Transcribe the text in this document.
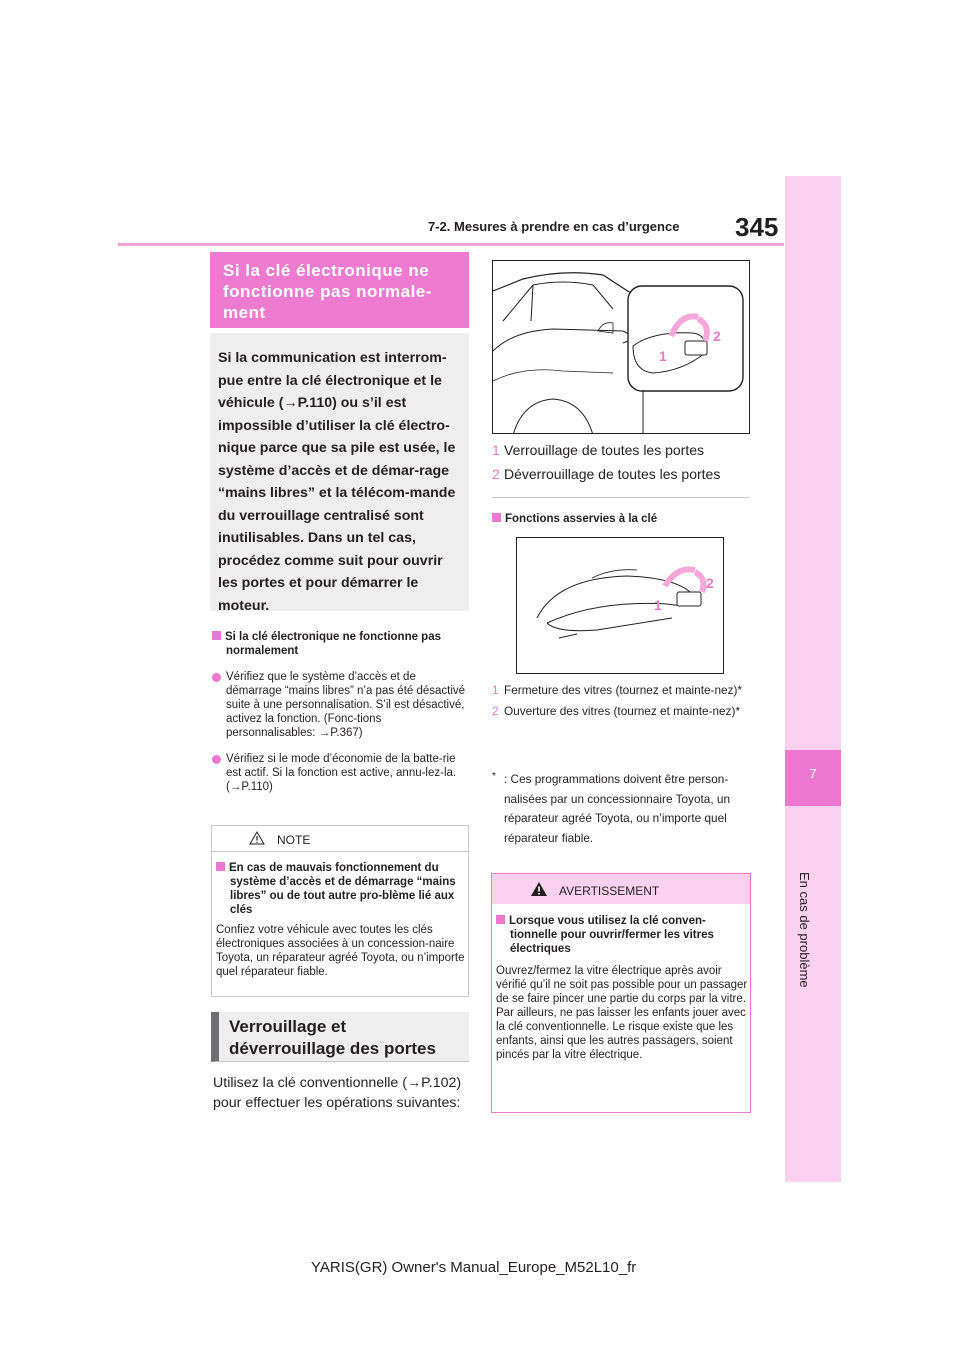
7-2. Mesures à prendre en cas d’urgence 345
7
En cas de problème
Si la clé électronique ne fonctionne pas normale-ment
Si la communication est interrom-pue entre la clé électronique et le véhicule (→P.110) ou s’il est impossible d’utiliser la clé électro-nique parce que sa pile est usée, le système d’accès et de démar-rage “mains libres” et la télécom-mande du verrouillage centralisé sont inutilisables. Dans un tel cas, procédez comme suit pour ouvrir les portes et pour démarrer le moteur.
Si la clé électronique ne fonctionne pas normalement
Vérifiez que le système d’accès et de démarrage “mains libres” n’a pas été désactivé suite à une personnalisation. S’il est désactivé, activez la fonction. (Fonc-tions personnalisables: →P.367)
Vérifiez si le mode d’économie de la batte-rie est actif. Si la fonction est active, annu-lez-la. (→P.110)
NOTE
En cas de mauvais fonctionnement du système d’accès et de démarrage “mains libres” ou de tout autre pro-blème lié aux clés
Confiez votre véhicule avec toutes les clés électroniques associées à un concession-naire Toyota, un réparateur agréé Toyota, ou n’importe quel réparateur fiable.
Verrouillage et déverrouillage des portes
Utilisez la clé conventionnelle (→P.102) pour effectuer les opérations suivantes:
2
1
1 Verrouillage de toutes les portes
2 Déverrouillage de toutes les portes
Fonctions asservies à la clé
2
1
1 Fermeture des vitres (tournez et mainte-nez)*
2 Ouverture des vitres (tournez et mainte-nez)*
* : Ces programmations doivent être person-nalisées par un concessionnaire Toyota, un réparateur agréé Toyota, ou n’importe quel réparateur fiable.
AVERTISSEMENT
Lorsque vous utilisez la clé conven-tionnelle pour ouvrir/fermer les vitres électriques
Ouvrez/fermez la vitre électrique après avoir vérifié qu’il ne soit pas possible pour un passager de se faire pincer une partie du corps par la vitre. Par ailleurs, ne pas laisser les enfants jouer avec la clé conventionnelle. Le risque existe que les enfants, ainsi que les autres passagers, soient pincés par la vitre électrique.
YARIS(GR) Owner's Manual_Europe_M52L10_fr
